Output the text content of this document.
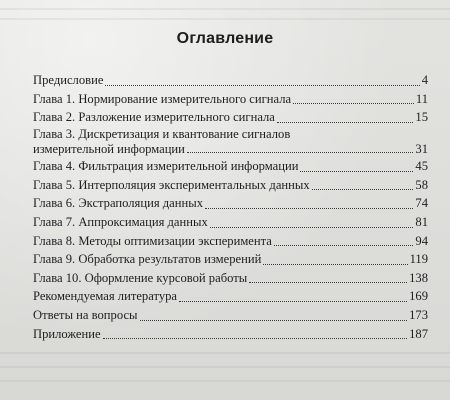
Оглавление
Предисловие	4
Глава 1. Нормирование измерительного сигнала	11
Глава 2. Разложение измерительного сигнала	15
Глава 3. Дискретизация и квантование сигналов
измерительной информации	31
Глава 4. Фильтрация измерительной информации	45
Глава 5. Интерполяция экспериментальных данных	58
Глава 6. Экстраполяция данных	74
Глава 7. Аппроксимация данных	81
Глава 8. Методы оптимизации эксперимента	94
Глава 9. Обработка результатов измерений	119
Глава 10. Оформление курсовой работы	138
Рекомендуемая литература	169
Ответы на вопросы	173
Приложение	187
